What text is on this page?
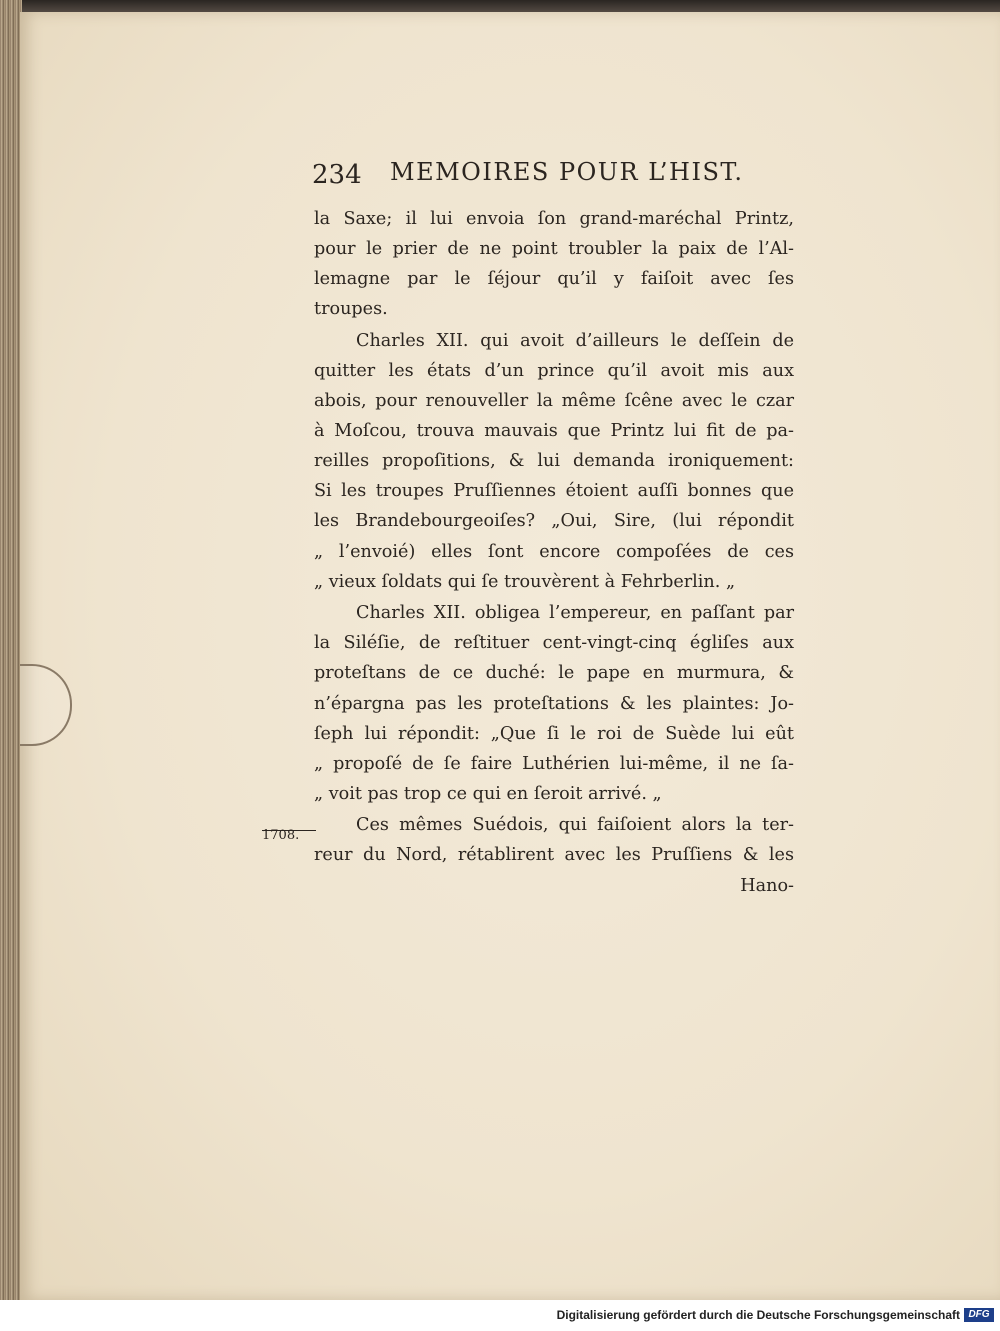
234 MEMOIRES POUR L’HIST.
1708.
la Saxe; il lui envoia ſon grand-maréchal Printz,
pour le prier de ne point troubler la paix de l’Al-
lemagne par le ſéjour qu’il y faiſoit avec ſes
troupes.
Charles XII. qui avoit d’ailleurs le deſſein de
quitter les états d’un prince qu’il avoit mis aux
abois, pour renouveller la même ſcêne avec le czar
à Moſcou, trouva mauvais que Printz lui fit de pa-
reilles propoſitions, & lui demanda ironiquement:
Si les troupes Pruſſiennes étoient auſſi bonnes que
les Brandebourgeoiſes? „Oui, Sire, (lui répondit
„ l’envoié) elles ſont encore compoſées de ces
„ vieux ſoldats qui ſe trouvèrent à Fehrberlin. „
Charles XII. obligea l’empereur, en paſſant par
la Siléſie, de reſtituer cent-vingt-cinq égliſes aux
proteſtans de ce duché: le pape en murmura, &
n’épargna pas les proteſtations & les plaintes: Jo-
ſeph lui répondit: „Que ſi le roi de Suède lui eût
„ propoſé de ſe faire Luthérien lui-même, il ne ſa-
„ voit pas trop ce qui en ſeroit arrivé. „
Ces mêmes Suédois, qui faiſoient alors la ter-
reur du Nord, rétablirent avec les Pruſſiens & les
Hano-
Digitalisierung gefördert durch die Deutsche Forschungsgemeinschaft DFG
